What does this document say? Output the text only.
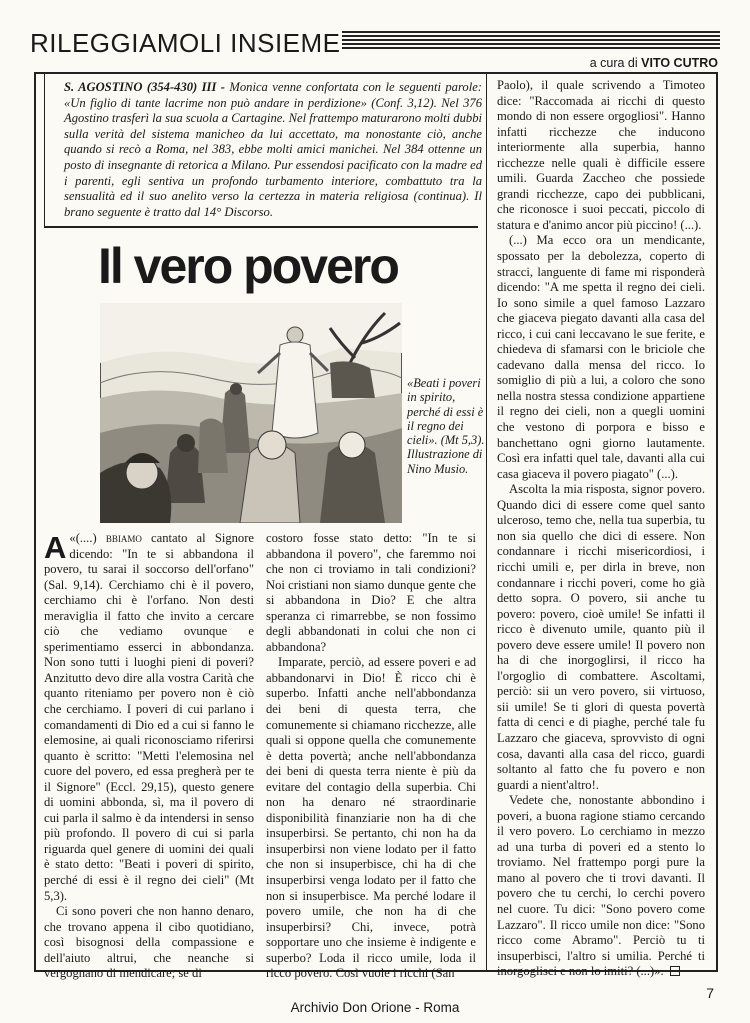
RILEGGIAMOLI INSIEME
a cura di VITO CUTRO
S. AGOSTINO (354-430) III - Monica venne confortata con le seguenti parole: «Un figlio di tante lacrime non può andare in perdizione» (Conf. 3,12). Nel 376 Agostino trasferì la sua scuola a Cartagine. Nel frattempo maturarono molti dubbi sulla verità del sistema manicheo da lui accettato, ma nonostante ciò, anche quando si recò a Roma, nel 383, ebbe molti amici manichei. Nel 384 ottenne un posto di insegnante di retorica a Milano. Pur essendosi pacificato con la madre ed i parenti, egli sentiva un profondo turbamento interiore, combattuto tra la sensualità ed il suo anelito verso la certezza in materia religiosa (continua). Il brano seguente è tratto dal 14° Discorso.
Il vero povero
«Beati i poveri in spirito, perché di essi è il regno dei cieli». (Mt 5,3). Illustrazione di Nino Musio.

A «(....) bbiamo cantato al Signore dicendo: "In te si abbandona il povero, tu sarai il soccorso dell'orfano" (Sal. 9,14). Cerchiamo chi è il povero, cerchiamo chi è l'orfano. Non desti meraviglia il fatto che invito a cercare ciò che vediamo ovunque e sperimentiamo esserci in abbondanza. Non sono tutti i luoghi pieni di poveri? Anzitutto devo dire alla vostra Carità che quanto riteniamo per povero non è ciò che cerchiamo. I poveri di cui parlano i comandamenti di Dio ed a cui si fanno le elemosine, ai quali riconosciamo riferirsi quanto è scritto: "Metti l'elemosina nel cuore del povero, ed essa pregherà per te il Signore" (Eccl. 29,15), questo genere di uomini abbonda, sì, ma il povero di cui parla il salmo è da intendersi in senso più profondo. Il povero di cui si parla riguarda quel genere di uomini dei quali è stato detto: "Beati i poveri di spirito, perché di essi è il regno dei cieli" (Mt 5,3).

Ci sono poveri che non hanno denaro, che trovano appena il cibo quotidiano, così bisognosi della compassione e dell'aiuto altrui, che neanche si vergognano di mendicare; se di

costoro fosse stato detto: "In te si abbandona il povero", che faremmo noi che non ci troviamo in tali condizioni? Noi cristiani non siamo dunque gente che si abbandona in Dio? E che altra speranza ci rimarrebbe, se non fossimo degli abbandonati in colui che non ci abbandona?

Imparate, perciò, ad essere poveri e ad abbandonarvi in Dio! È ricco chi è superbo. Infatti anche nell'abbondanza dei beni di questa terra, che comunemente si chiamano ricchezze, alle quali si oppone quella che comunemente è detta povertà; anche nell'abbondanza dei beni di questa terra niente è più da evitare del contagio della superbia. Chi non ha denaro né straordinarie disponibilità finanziarie non ha di che insuperbirsi. Se pertanto, chi non ha da insuperbirsi non viene lodato per il fatto che non si insuperbisce, chi ha di che insuperbirsi venga lodato per il fatto che non si insuperbisce. Ma perché lodare il povero umile, che non ha di che insuperbirsi? Chi, invece, potrà sopportare uno che insieme è indigente e superbo? Loda il ricco umile, loda il ricco povero. Così vuole i ricchi (San

Paolo), il quale scrivendo a Timoteo dice: "Raccomada ai ricchi di questo mondo di non essere orgogliosi". Hanno infatti ricchezze che inducono interiormente alla superbia, hanno ricchezze nelle quali è difficile essere umili. Guarda Zaccheo che possiede grandi ricchezze, capo dei pubblicani, che riconosce i suoi peccati, piccolo di statura e d'animo ancor più piccino! (...).

(...) Ma ecco ora un mendicante, spossato per la debolezza, coperto di stracci, languente di fame mi risponderà dicendo: "A me spetta il regno dei cieli. Io sono simile a quel famoso Lazzaro che giaceva piegato davanti alla casa del ricco, i cui cani leccavano le sue ferite, e chiedeva di sfamarsi con le briciole che cadevano dalla mensa del ricco. Io somiglio di più a lui, a coloro che sono nella nostra stessa condizione appartiene il regno dei cieli, non a quegli uomini che vestono di porpora e bisso e banchettano ogni giorno lautamente. Così era infatti quel tale, davanti alla cui casa giaceva il povero piagato" (...).

Ascolta la mia risposta, signor povero. Quando dici di essere come quel santo ulceroso, temo che, nella tua superbia, tu non sia quello che dici di essere. Non condannare i ricchi misericordiosi, i ricchi umili e, per dirla in breve, non condannare i ricchi poveri, come ho già detto sopra. O povero, sii anche tu povero: povero, cioè umile! Se infatti il ricco è divenuto umile, quanto più il povero deve essere umile! Il povero non ha di che inorgoglirsi, il ricco ha l'orgoglio di combattere. Ascoltami, perciò: sii un vero povero, sii virtuoso, sii umile! Se ti glori di questa povertà fatta di cenci e di piaghe, perché tale fu Lazzaro che giaceva, sprovvisto di ogni cosa, davanti alla casa del ricco, guardi soltanto al fatto che fu povero e non guardi a nient'altro!.

Vedete che, nonostante abbondino i poveri, a buona ragione stiamo cercando il vero povero. Lo cerchiamo in mezzo ad una turba di poveri ed a stento lo troviamo. Nel frattempo porgi pure la mano al povero che ti trovi davanti. Il povero che tu cerchi, lo cerchi povero nel cuore. Tu dici: "Sono povero come Lazzaro". Il ricco umile non dice: "Sono ricco come Abramo". Perciò tu ti insuperbisci, l'altro si umilia. Perché ti inorgoglisci e non lo imiti? (...)».

7
Archivio Don Orione - Roma
